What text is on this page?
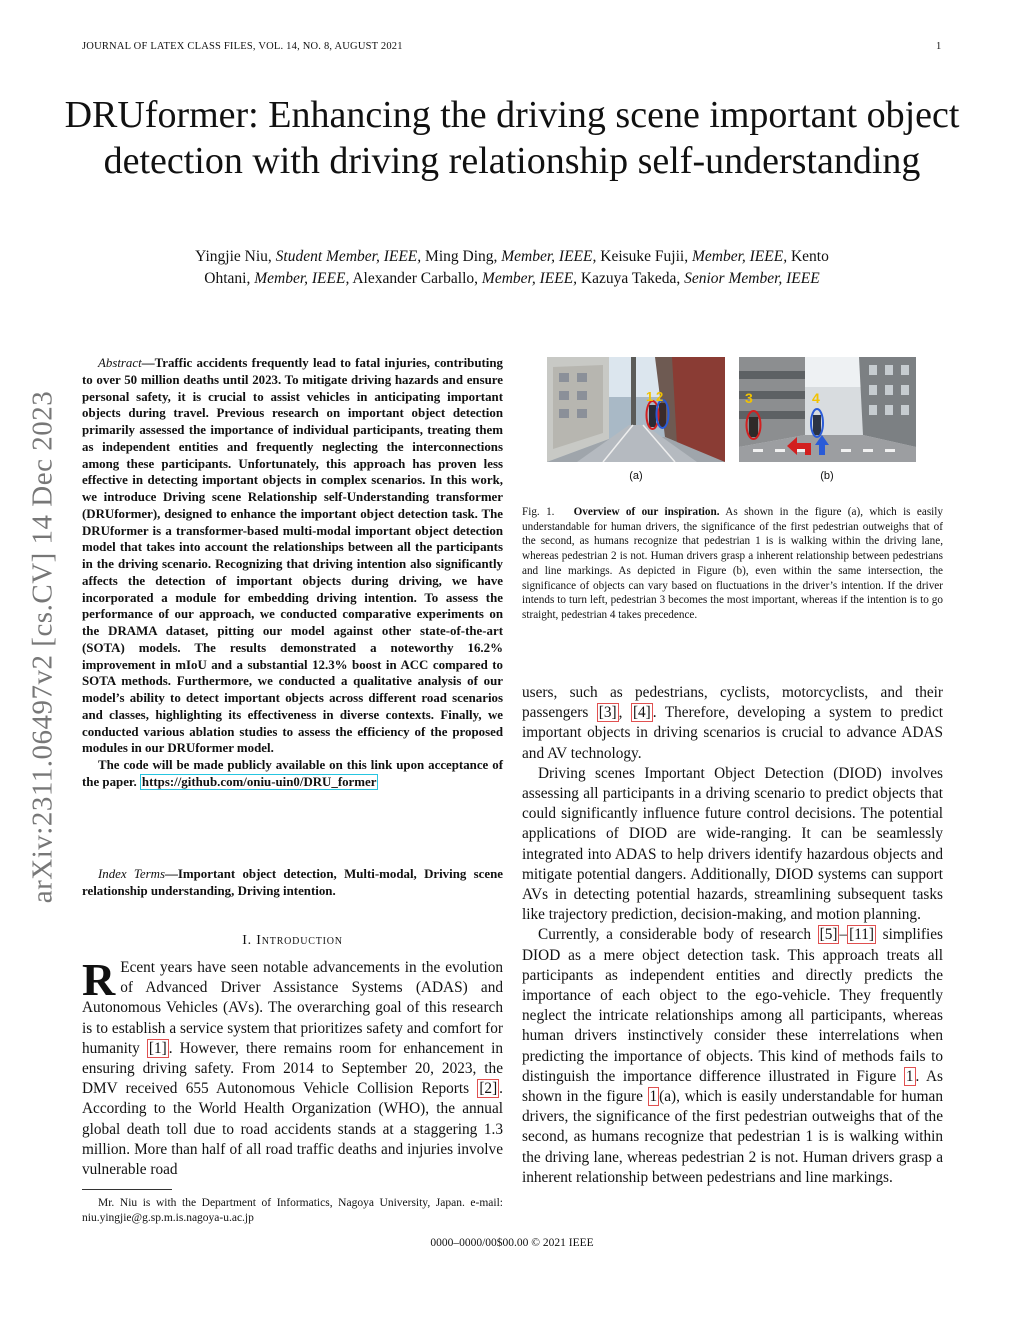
JOURNAL OF LATEX CLASS FILES, VOL. 14, NO. 8, AUGUST 2021	1
DRUformer: Enhancing the driving scene important object detection with driving relationship self-understanding
Yingjie Niu, Student Member, IEEE, Ming Ding, Member, IEEE, Keisuke Fujii, Member, IEEE, Kento
Ohtani, Member, IEEE, Alexander Carballo, Member, IEEE, Kazuya Takeda, Senior Member, IEEE
arXiv:2311.06497v2 [cs.CV] 14 Dec 2023

Abstract—Traffic accidents frequently lead to fatal injuries, contributing to over 50 million deaths until 2023. To mitigate driving hazards and ensure personal safety, it is crucial to assist vehicles in anticipating important objects during travel. Previous research on important object detection primarily assessed the importance of individual participants, treating them as independent entities and frequently neglecting the interconnections among these participants. Unfortunately, this approach has proven less effective in detecting important objects in complex scenarios. In this work, we introduce Driving scene Relationship self-Understanding transformer (DRUformer), designed to enhance the important object detection task. The DRUformer is a transformer-based multi-modal important object detection model that takes into account the relationships between all the participants in the driving scenario. Recognizing that driving intention also significantly affects the detection of important objects during driving, we have incorporated a module for embedding driving intention. To assess the performance of our approach, we conducted comparative experiments on the DRAMA dataset, pitting our model against other state-of-the-art (SOTA) models. The results demonstrated a noteworthy 16.2% improvement in mIoU and a substantial 12.3% boost in ACC compared to SOTA methods. Furthermore, we conducted a qualitative analysis of our model’s ability to detect important objects across different road scenarios and classes, highlighting its effectiveness in diverse contexts. Finally, we conducted various ablation studies to assess the efficiency of the proposed modules in our DRUformer model.

The code will be made publicly available on this link upon acceptance of the paper. https://github.com/oniu-uin0/DRU_former

Index Terms—Important object detection, Multi-modal, Driving scene relationship understanding, Driving intention.

I. Introduction
R Ecent years have seen notable advancements in the evolution of Advanced Driver Assistance Systems (ADAS) and Autonomous Vehicles (AVs). The overarching goal of this research is to establish a service system that prioritizes safety and comfort for humanity [1] . However, there remains room for enhancement in ensuring driving safety. From 2014 to September 20, 2023, the DMV received 655 Autonomous Vehicle Collision Reports [2] . According to the World Health Organization (WHO), the annual global death toll due to road accidents stands at a staggering 1.3 million. More than half of all road traffic deaths and injuries involve vulnerable road

Mr. Niu is with the Department of Informatics, Nagoya University, Japan. e-mail: niu.yingjie@g.sp.m.is.nagoya-u.ac.jp

0000–0000/00$00.00 © 2021 IEEE
1 2
(a)
3	4
(b)
Fig. 1. Overview of our inspiration. As shown in the figure (a), which is easily understandable for human drivers, the significance of the first pedestrian outweighs that of the second, as humans recognize that pedestrian 1 is is walking within the driving lane, whereas pedestrian 2 is not. Human drivers grasp a inherent relationship between pedestrians and line markings. As depicted in Figure (b), even within the same intersection, the significance of objects can vary based on fluctuations in the driver’s intention. If the driver intends to turn left, pedestrian 3 becomes the most important, whereas if the intention is to go straight, pedestrian 4 takes precedence.

users, such as pedestrians, cyclists, motorcyclists, and their passengers [3] , [4] . Therefore, developing a system to predict important objects in driving scenarios is crucial to advance ADAS and AV technology.

Driving scenes Important Object Detection (DIOD) involves assessing all participants in a driving scenario to predict objects that could significantly influence future control decisions. The potential applications of DIOD are wide-ranging. It can be seamlessly integrated into ADAS to help drivers identify hazardous objects and mitigate potential dangers. Additionally, DIOD systems can support AVs in detecting potential hazards, streamlining subsequent tasks like trajectory prediction, decision-making, and motion planning.

Currently, a considerable body of research [5] – [11] simplifies DIOD as a mere object detection task. This approach treats all participants as independent entities and directly predicts the importance of each object to the ego-vehicle. They frequently neglect the intricate relationships among all participants, whereas human drivers instinctively consider these interrelations when predicting the importance of objects. This kind of methods fails to distinguish the importance difference illustrated in Figure 1 . As shown in the figure 1 (a), which is easily understandable for human drivers, the significance of the first pedestrian outweighs that of the second, as humans recognize that pedestrian 1 is is walking within the driving lane, whereas pedestrian 2 is not. Human drivers grasp a inherent relationship between pedestrians and line markings.
